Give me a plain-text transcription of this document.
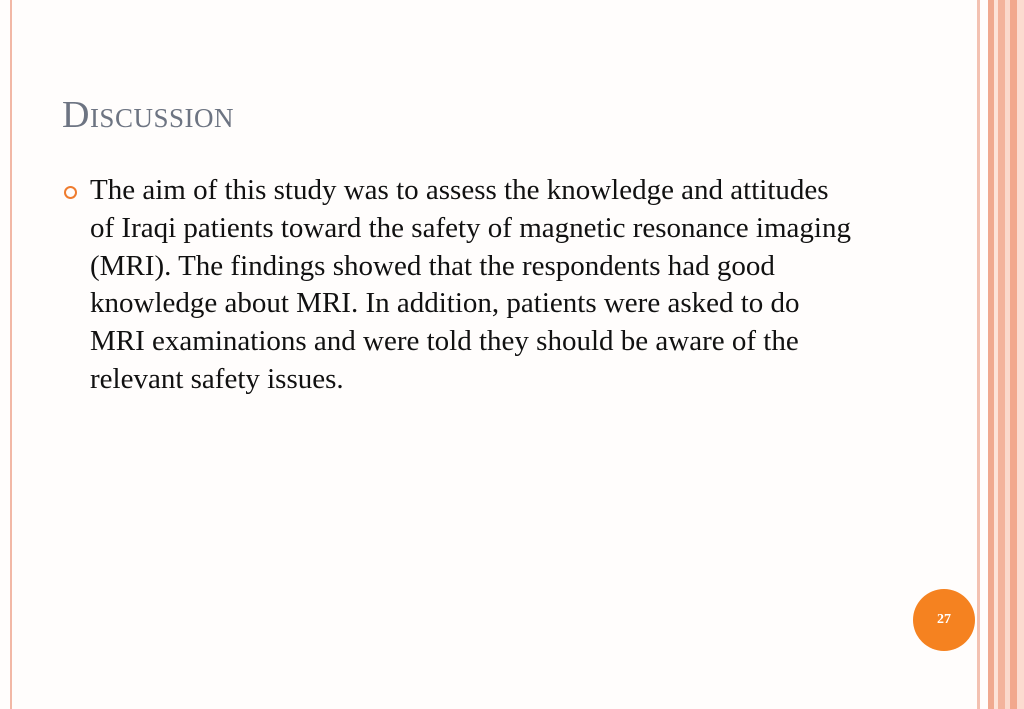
Discussion
The aim of this study was to assess the knowledge and attitudes of Iraqi patients toward the safety of magnetic resonance imaging (MRI). The findings showed that the respondents had good knowledge about MRI. In addition, patients were asked to do MRI examinations and were told they should be aware of the relevant safety issues.
27
